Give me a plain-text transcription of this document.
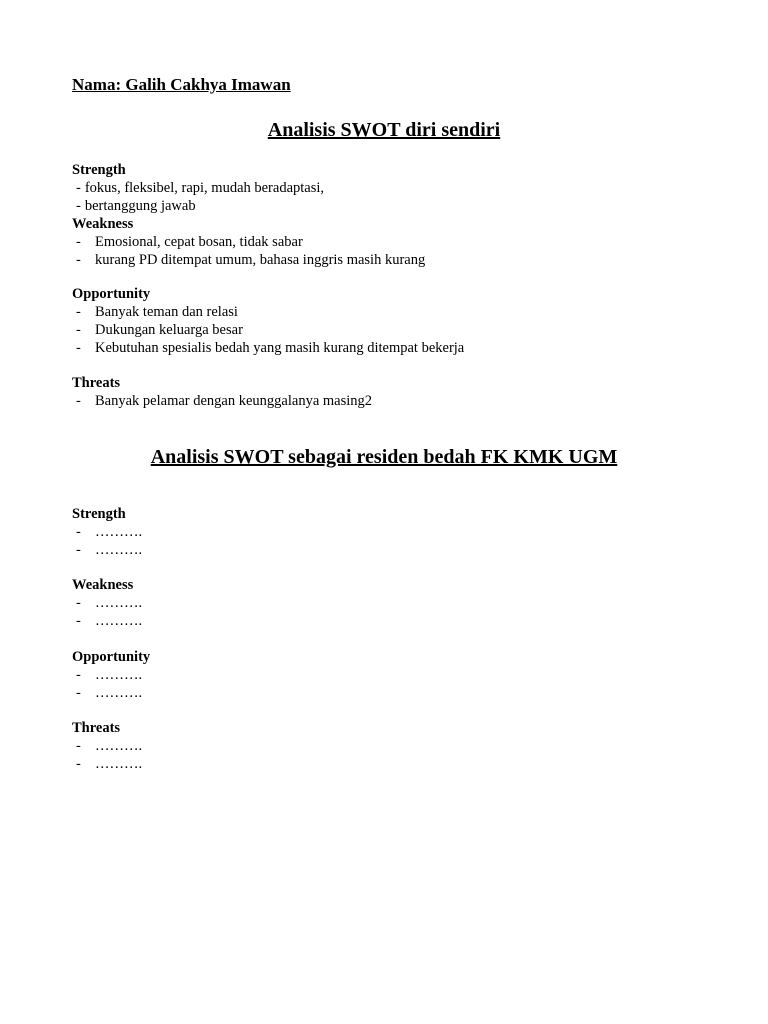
Nama: Galih Cakhya Imawan
Analisis SWOT diri sendiri
Strength
- fokus, fleksibel, rapi, mudah beradaptasi,
- bertanggung jawab
Weakness
- Emosional, cepat bosan, tidak sabar
- kurang PD ditempat umum, bahasa inggris masih kurang
Opportunity
- Banyak teman dan relasi
- Dukungan keluarga besar
- Kebutuhan spesialis bedah yang masih kurang ditempat bekerja
Threats
- Banyak pelamar dengan keunggalanya masing2
Analisis SWOT sebagai residen bedah FK KMK UGM
Strength
- ……….
- ……….
Weakness
- ……….
- ……….
Opportunity
- ……….
- ……….
Threats
- ……….
- ……….
